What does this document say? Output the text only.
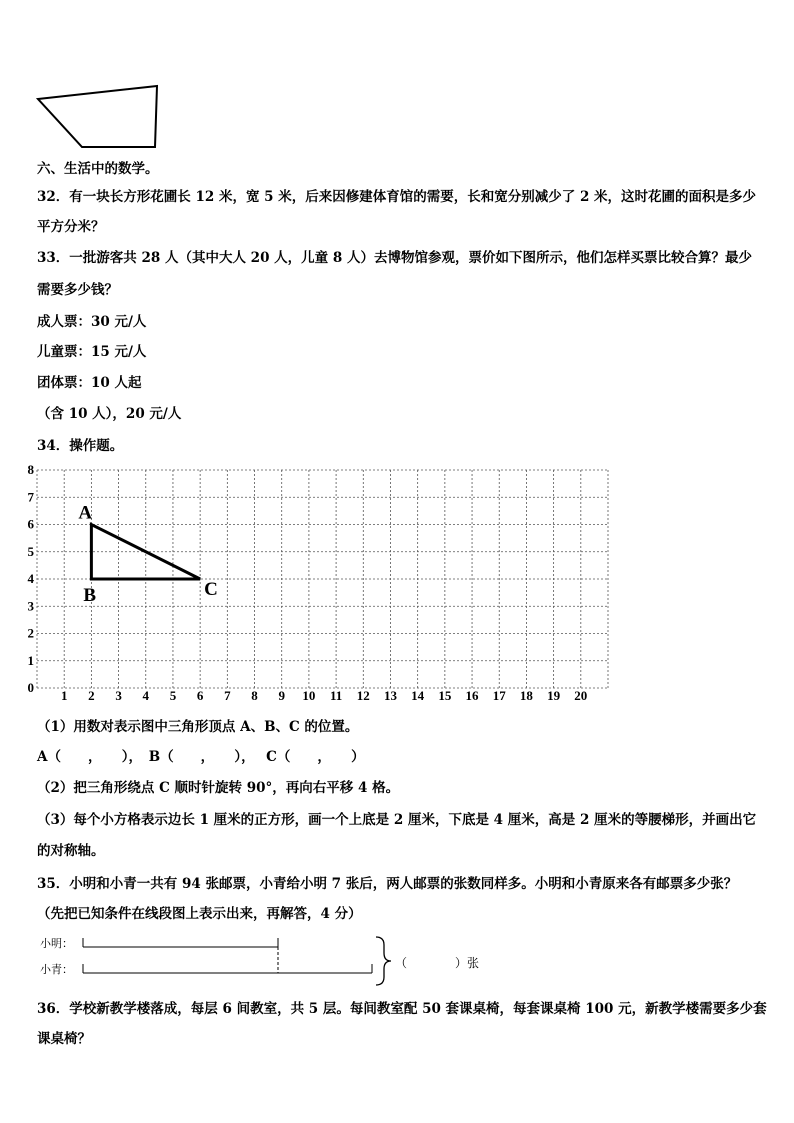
六、生活中的数学。
32．有一块长方形花圃长 12 米，宽 5 米，后来因修建体育馆的需要，长和宽分别减少了 2 米，这时花圃的面积是多少
平方分米？
33．一批游客共 28 人（其中大人 20 人，儿童 8 人）去博物馆参观，票价如下图所示，他们怎样买票比较合算？最少
需要多少钱？
成人票：30 元/人
儿童票：15 元/人
团体票：10 人起
（含 10 人），20 元/人
34．操作题。
1 2 3 4 5 6 7 8 9 10 11 12 13 14 15 16 17 18 19 20
0
1
2
3
4
5
6
7
8
A
B	C
（1）用数对表示图中三角形顶点 A、B、C 的位置。
A（　　，　　），　B（　　，　　），　 C（　　，　　）
（2）把三角形绕点 C 顺时针旋转 90°，再向右平移 4 格。
（3）每个小方格表示边长 1 厘米的正方形，画一个上底是 2 厘米，下底是 4 厘米，高是 2 厘米的等腰梯形，并画出它
的对称轴。
35．小明和小青一共有 94 张邮票，小青给小明 7 张后，两人邮票的张数同样多。小明和小青原来各有邮票多少张？
（先把已知条件在线段图上表示出来，再解答，4 分）
小明：
小青：	（　　　　）张
36．学校新教学楼落成，每层 6 间教室，共 5 层。每间教室配 50 套课桌椅，每套课桌椅 100 元，新教学楼需要多少套
课桌椅？
